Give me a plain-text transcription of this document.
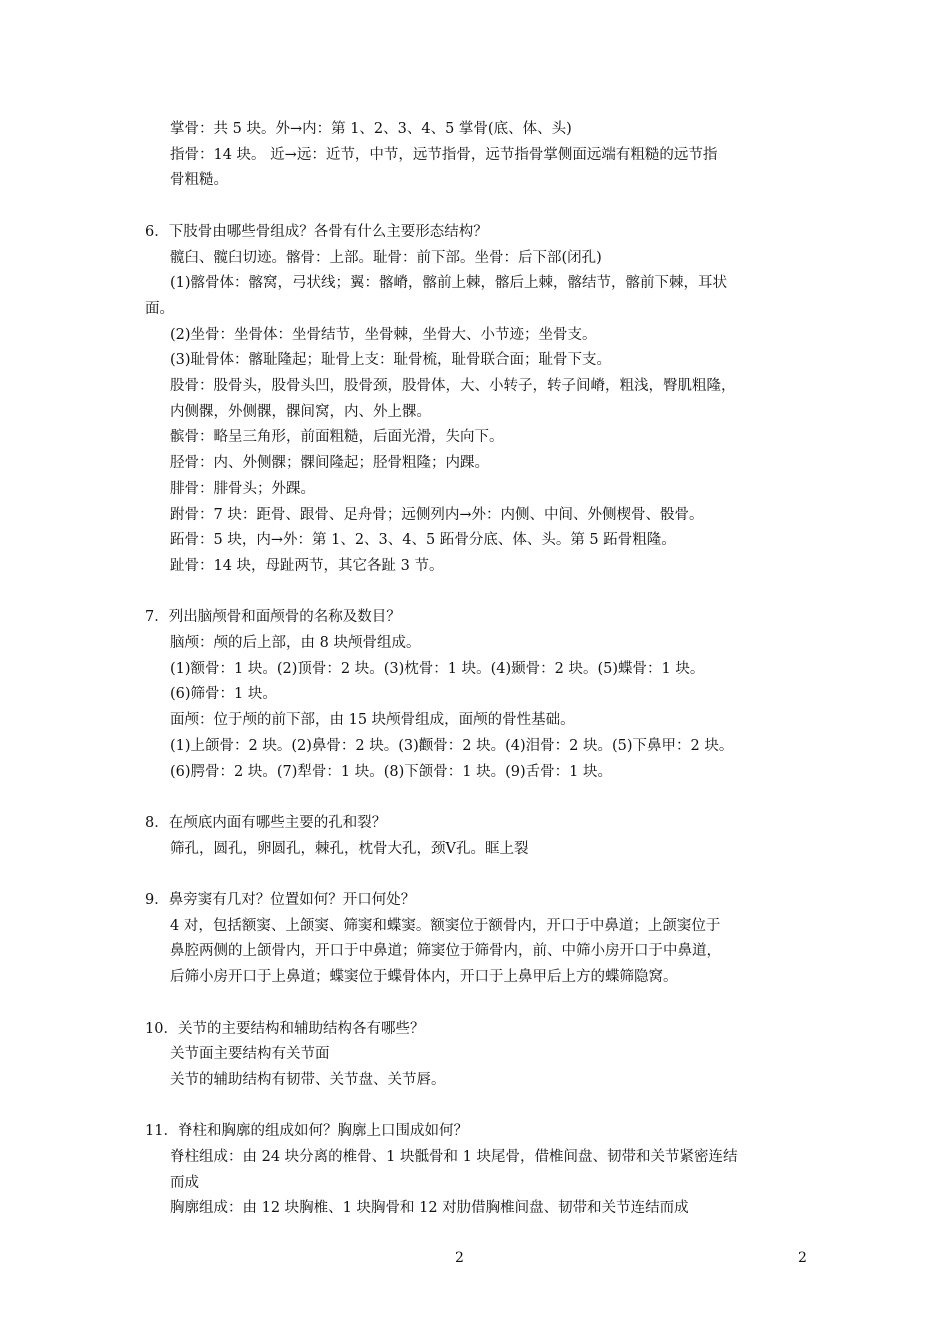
掌骨：共 5 块。外→内：第 1、2、3、4、5 掌骨(底、体、头)
指骨：14 块。 近→远：近节，中节，远节指骨，远节指骨掌侧面远端有粗糙的远节指
骨粗糙。
6．下肢骨由哪些骨组成？各骨有什么主要形态结构？
髋臼、髋臼切迹。髂骨：上部。耻骨：前下部。坐骨：后下部(闭孔)
(1)髂骨体：髂窝，弓状线；翼：髂嵴，髂前上棘，髂后上棘，髂结节，髂前下棘，耳状
面。
(2)坐骨：坐骨体：坐骨结节，坐骨棘，坐骨大、小节迹；坐骨支。
(3)耻骨体：髂耻隆起；耻骨上支：耻骨梳，耻骨联合面；耻骨下支。
股骨：股骨头，股骨头凹，股骨颈，股骨体，大、小转子，转子间嵴，粗浅，臀肌粗隆，
内侧髁，外侧髁，髁间窝，内、外上髁。
髌骨：略呈三角形，前面粗糙，后面光滑，失向下。
胫骨：内、外侧髁；髁间隆起；胫骨粗隆；内踝。
腓骨：腓骨头；外踝。
跗骨：7 块：距骨、跟骨、足舟骨；远侧列内→外：内侧、中间、外侧楔骨、骰骨。
跖骨：5 块，内→外：第 1、2、3、4、5 跖骨分底、体、头。第 5 跖骨粗隆。
趾骨：14 块，母趾两节，其它各趾 3 节。
7．列出脑颅骨和面颅骨的名称及数目？
脑颅：颅的后上部，由 8 块颅骨组成。
(1)额骨：1 块。(2)顶骨：2 块。(3)枕骨：1 块。(4)颞骨：2 块。(5)蝶骨：1 块。
(6)筛骨：1 块。
面颅：位于颅的前下部，由 15 块颅骨组成，面颅的骨性基础。
(1)上颌骨：2 块。(2)鼻骨：2 块。(3)颧骨：2 块。(4)泪骨：2 块。(5)下鼻甲：2 块。
(6)腭骨：2 块。(7)犁骨：1 块。(8)下颌骨：1 块。(9)舌骨：1 块。
8．在颅底内面有哪些主要的孔和裂？
筛孔，圆孔，卵圆孔，棘孔，枕骨大孔，颈Ⅴ孔。眶上裂
9．鼻旁窦有几对？位置如何？开口何处？
4 对，包括额窦、上颌窦、筛窦和蝶窦。额窦位于额骨内，开口于中鼻道；上颌窦位于
鼻腔两侧的上颌骨内，开口于中鼻道；筛窦位于筛骨内，前、中筛小房开口于中鼻道，
后筛小房开口于上鼻道；蝶窦位于蝶骨体内，开口于上鼻甲后上方的蝶筛隐窝。
10．关节的主要结构和辅助结构各有哪些？
关节面主要结构有关节面
关节的辅助结构有韧带、关节盘、关节唇。
11．脊柱和胸廓的组成如何？胸廓上口围成如何？
脊柱组成：由 24 块分离的椎骨、1 块骶骨和 1 块尾骨，借椎间盘、韧带和关节紧密连结
而成
胸廓组成：由 12 块胸椎、1 块胸骨和 12 对肋借胸椎间盘、韧带和关节连结而成
2	2
